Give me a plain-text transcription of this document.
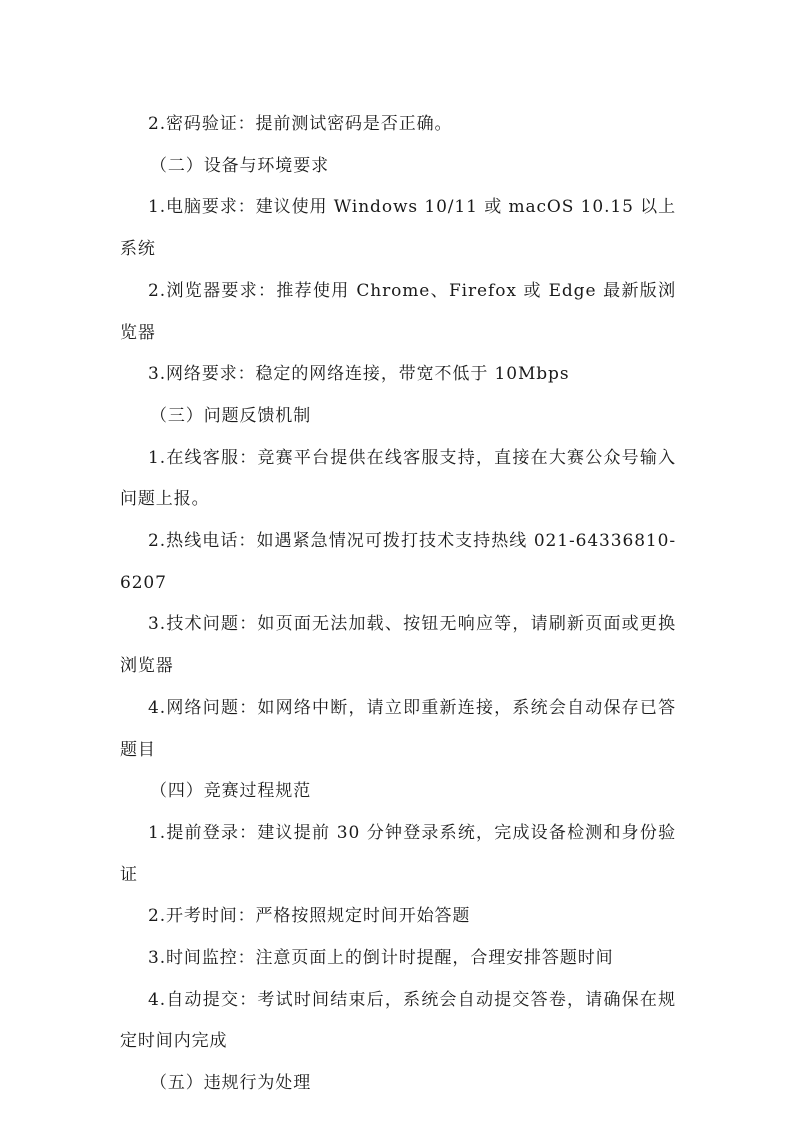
2.密码验证：提前测试密码是否正确。

（二）设备与环境要求

1.电脑要求：建议使用 Windows 10/11 或 macOS 10.15 以上系统

2.浏览器要求：推荐使用 Chrome、Firefox 或 Edge 最新版浏览器

3.网络要求：稳定的网络连接，带宽不低于 10Mbps

（三）问题反馈机制

1.在线客服：竞赛平台提供在线客服支持，直接在大赛公众号输入问题上报。

2.热线电话：如遇紧急情况可拨打技术支持热线 021-64336810-6207

3.技术问题：如页面无法加载、按钮无响应等，请刷新页面或更换浏览器

4.网络问题：如网络中断，请立即重新连接，系统会自动保存已答题目

（四）竞赛过程规范

1.提前登录：建议提前 30 分钟登录系统，完成设备检测和身份验证

2.开考时间：严格按照规定时间开始答题

3.时间监控：注意页面上的倒计时提醒，合理安排答题时间

4.自动提交：考试时间结束后，系统会自动提交答卷，请确保在规定时间内完成

（五）违规行为处理
